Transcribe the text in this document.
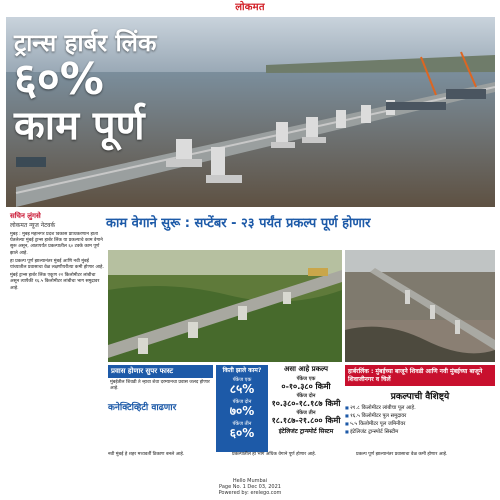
लोकमत
ट्रान्स हार्बर लिंक
६०%
काम पूर्ण
सचिन लुंगसे
लोकमत न्यूज नेटवर्क	काम वेगाने सुरू : सप्टेंबर - २३ पर्यंत प्रकल्प पूर्ण होणार

मुंबई : मुंबई महानगर प्रदेश विकास प्राधिकरणाने हाती घेतलेल्या मुंबई ट्रान्स हार्बर लिंक या प्रकल्पाचे काम वेगाने सुरू असून, आतापर्यंत प्रकल्पातील ६० टक्के काम पूर्ण झाले आहे.

हा प्रकल्प पूर्ण झाल्यानंतर मुंबई आणि नवी मुंबई यांच्यातील प्रवासाचा वेळ लक्षणीयरीत्या कमी होणार आहे.

मुंबई ट्रान्स हार्बर लिंक एकूण २२ किलोमीटर लांबीचा असून त्यापैकी १६.५ किलोमीटर लांबीचा भाग समुद्रावर आहे.

प्रवास होणार सुपर फास्ट
मुंबईतील शिवडी ते न्हावा शेवा दरम्यानचा प्रवास जलद होणार आहे.
कनेक्टिव्हिटी वाढणार
किती झाले काम?
पॅकेज एक
८५%
पॅकेज दोन
७०%
पॅकेज तीन
६०%
असा आहे प्रकल्प
पॅकेज एक
०-१०.३८० किमी
पॅकेज दोन
१०.३८०-१८.१८७ किमी
पॅकेज तीन
१८.१८७-२१.८०० किमी
इंटेलिजंट ट्रान्स्पोर्ट सिस्टम
हार्बरलिंक : मुंबईच्या बाजूने शिवडी आणि नवी मुंबईच्या बाजूने शिवाजीनगर व चिर्ले
प्रकल्पाची वैशिष्ट्ये
■ २१.८ किलोमीटर लांबीचा पूल आहे.
■ १६.५ किलोमीटर पूल समुद्रावर
■ ५.५ किलोमीटर पूल जमिनीवर
■ इंटेलिजंट ट्रान्स्पोर्ट सिस्टीम
नवी मुंबई हे शहर मध्यवर्ती ठिकाण बनले आहे.	प्रकल्पातील हा भाग अधिक वेगाने पूर्ण होणार आहे.	प्रकल्प पूर्ण झाल्यानंतर प्रवासाचा वेळ कमी होणार आहे.
Hello Mumbai
Page No. 1 Dec 03, 2021
Powered by: erelego.com
